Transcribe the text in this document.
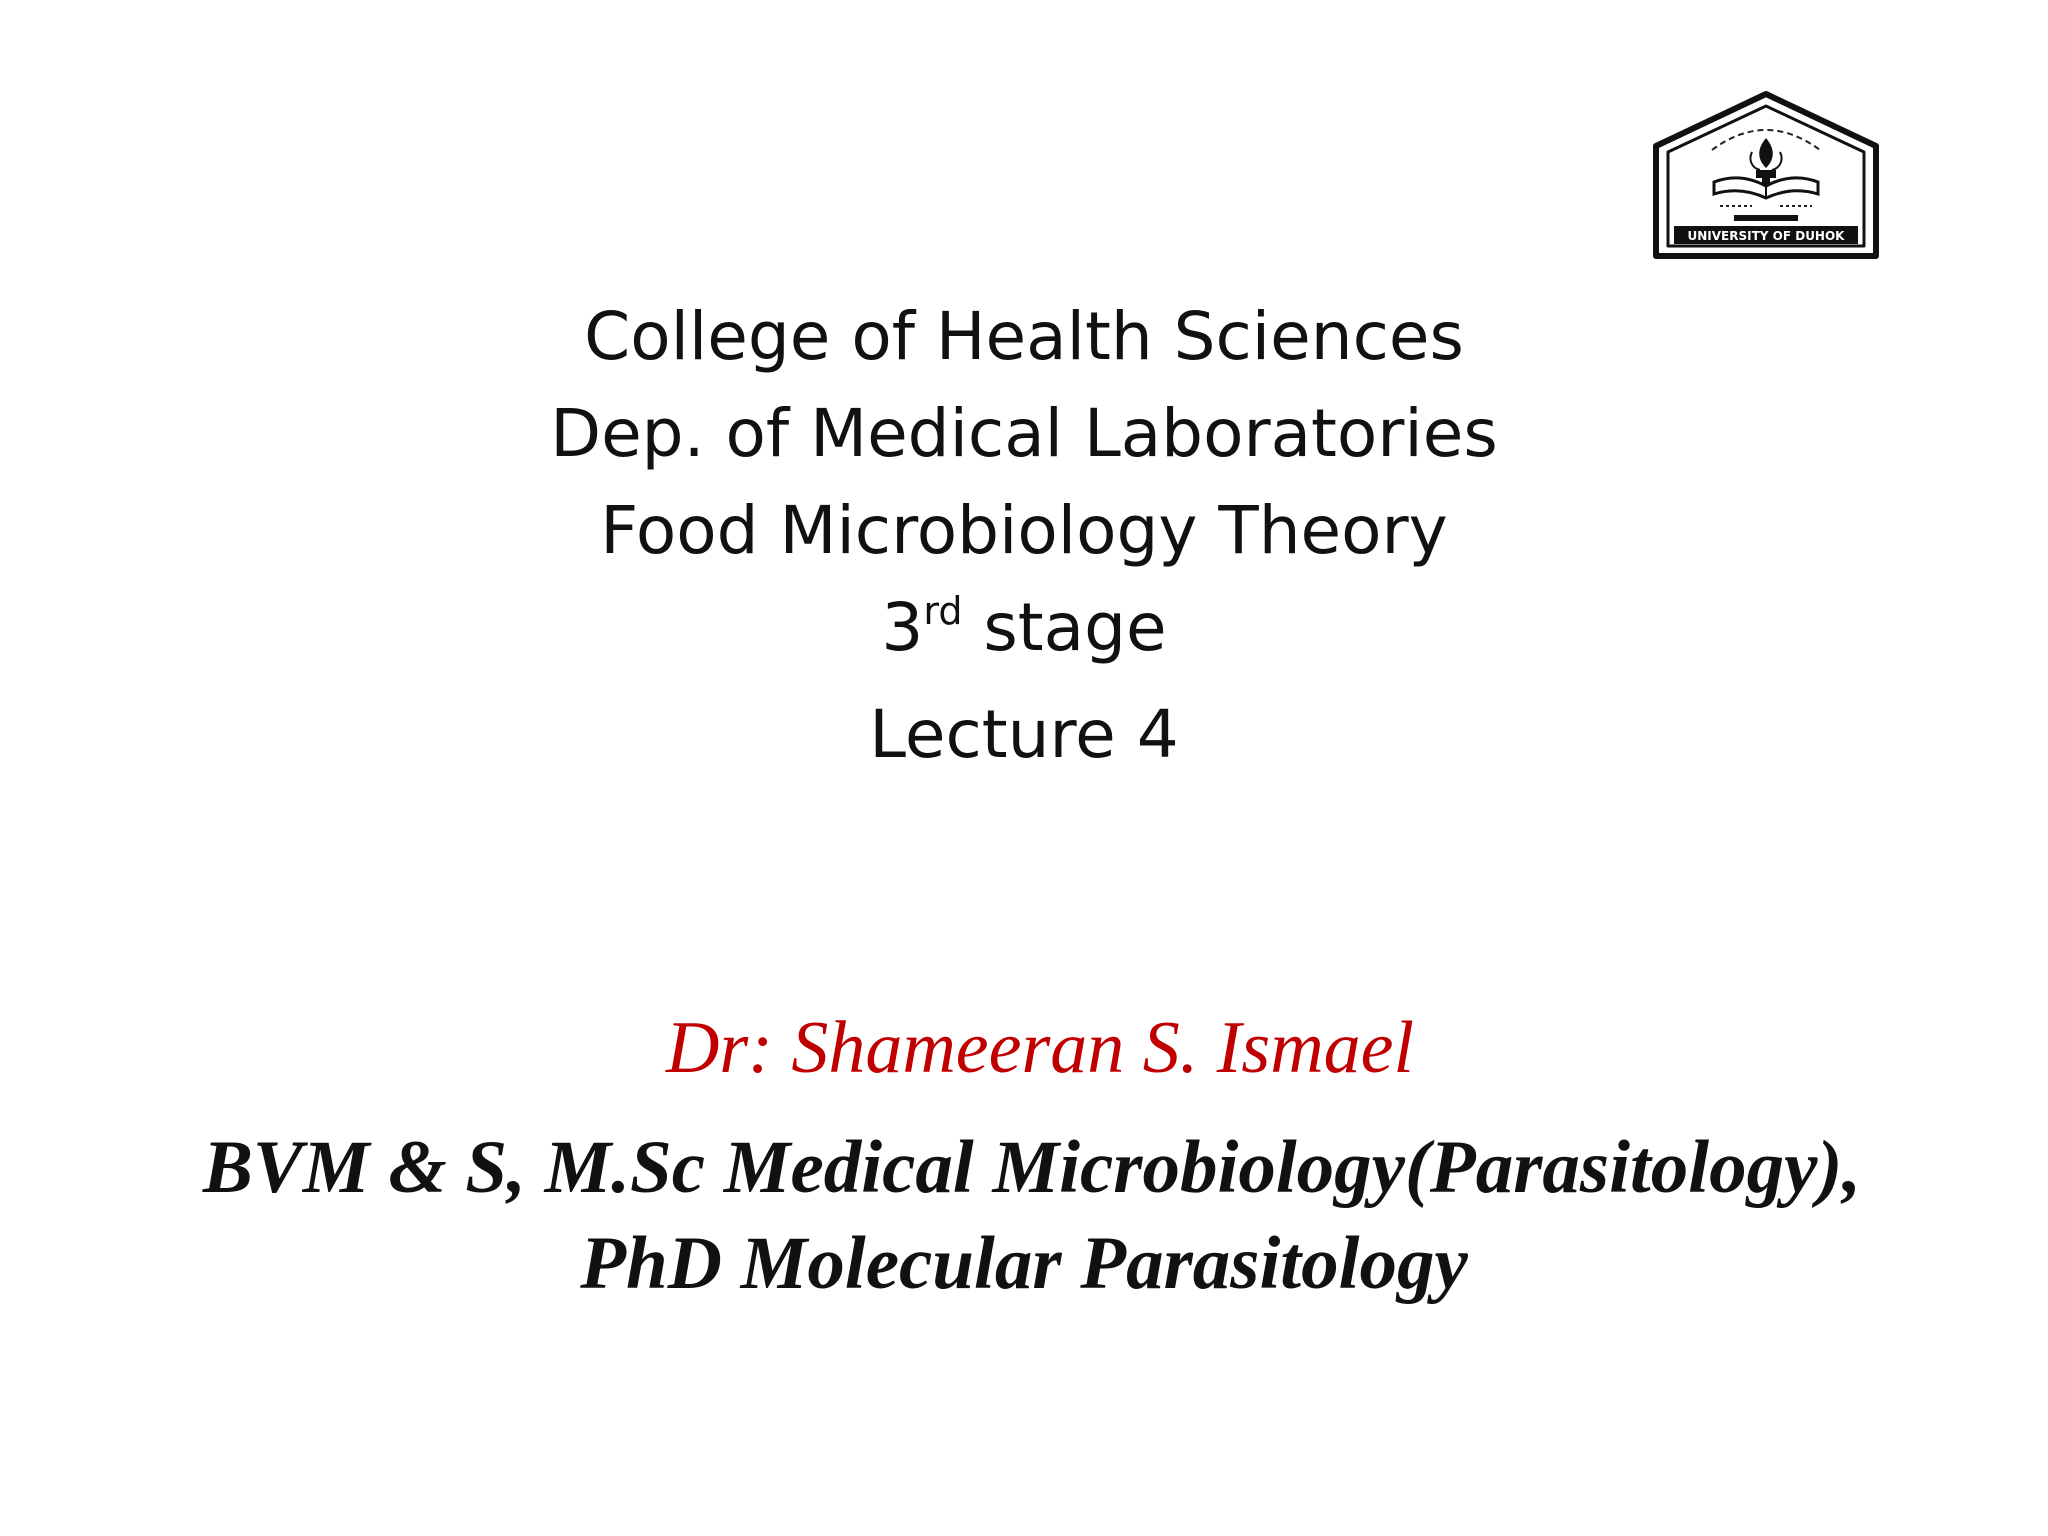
UNIVERSITY OF DUHOK
College of Health Sciences
Dep. of Medical Laboratories
Food Microbiology Theory
3rd stage
Lecture 4
Dr: Shameeran S. Ismael
BVM & S, M.Sc Medical Microbiology(Parasitology),
PhD Molecular Parasitology
